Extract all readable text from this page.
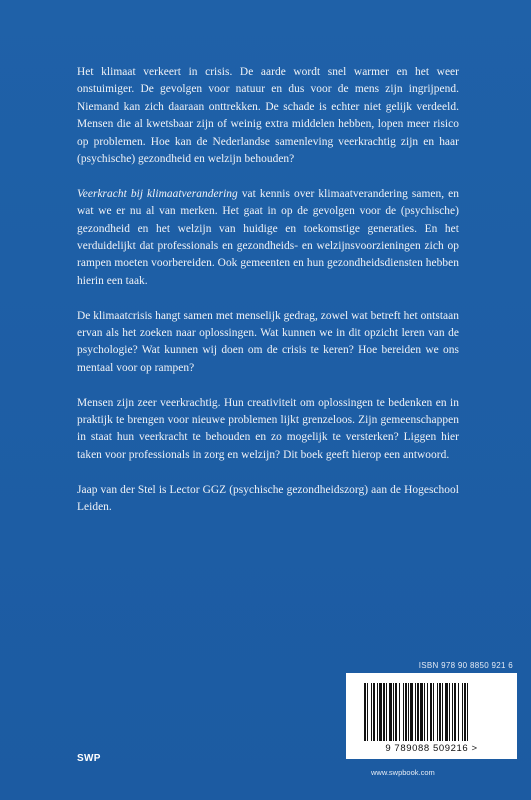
Het klimaat verkeert in crisis. De aarde wordt snel warmer en het weer onstuimiger. De gevolgen voor natuur en dus voor de mens zijn ingrijpend. Niemand kan zich daaraan onttrekken. De schade is echter niet gelijk verdeeld. Mensen die al kwetsbaar zijn of weinig extra middelen hebben, lopen meer risico op problemen. Hoe kan de Nederlandse samenleving veerkrachtig zijn en haar (psychische) gezondheid en welzijn behouden?

Veerkracht bij klimaatverandering vat kennis over klimaatverandering samen, en wat we er nu al van merken. Het gaat in op de gevolgen voor de (psychische) gezondheid en het welzijn van huidige en toekomstige generaties. En het verduidelijkt dat professionals en gezondheids- en welzijnsvoorzieningen zich op rampen moeten voorbereiden. Ook gemeenten en hun gezondheidsdiensten hebben hierin een taak.

De klimaatcrisis hangt samen met menselijk gedrag, zowel wat betreft het ontstaan ervan als het zoeken naar oplossingen. Wat kunnen we in dit opzicht leren van de psychologie? Wat kunnen wij doen om de crisis te keren? Hoe bereiden we ons mentaal voor op rampen?

Mensen zijn zeer veerkrachtig. Hun creativiteit om oplossingen te bedenken en in praktijk te brengen voor nieuwe problemen lijkt grenzeloos. Zijn gemeenschappen in staat hun veerkracht te behouden en zo mogelijk te versterken? Liggen hier taken voor professionals in zorg en welzijn? Dit boek geeft hierop een antwoord.

Jaap van der Stel is Lector GGZ (psychische gezondheidszorg) aan de Hogeschool Leiden.

ISBN 978 90 8850 921 6
9 789088 509216 >
SWP
www.swpbook.com
